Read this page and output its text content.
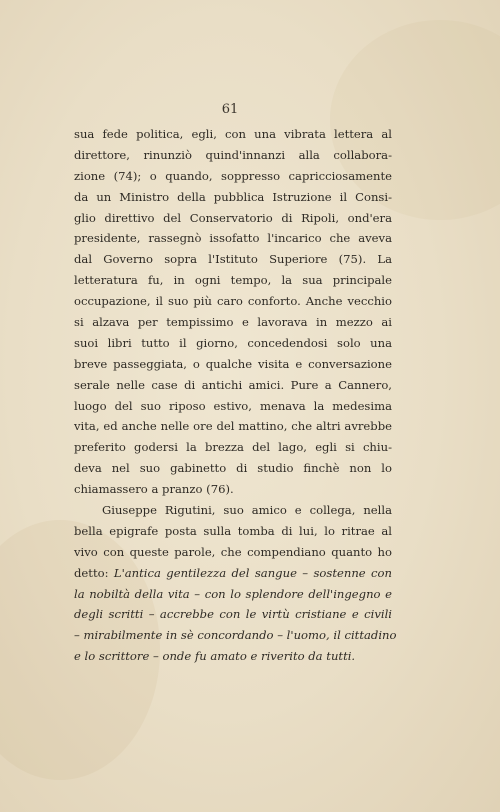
61
sua fede politica, egli, con una vibrata lettera al
direttore, rinunziò quind'innanzi alla collabora-
zione (74); o quando, soppresso capricciosamente
da un Ministro della pubblica Istruzione il Consi-
glio direttivo del Conservatorio di Ripoli, ond'era
presidente, rassegnò issofatto l'incarico che aveva
dal Governo sopra l'Istituto Superiore (75). La
letteratura fu, in ogni tempo, la sua principale
occupazione, il suo più caro conforto. Anche vecchio
si alzava per tempissimo e lavorava in mezzo ai
suoi libri tutto il giorno, concedendosi solo una
breve passeggiata, o qualche visita e conversazione
serale nelle case di antichi amici. Pure a Cannero,
luogo del suo riposo estivo, menava la medesima
vita, ed anche nelle ore del mattino, che altri avrebbe
preferito godersi la brezza del lago, egli si chiu-
deva nel suo gabinetto di studio finchè non lo
chiamassero a pranzo (76).
Giuseppe Rigutini, suo amico e collega, nella
bella epigrafe posta sulla tomba di lui, lo ritrae al
vivo con queste parole, che compendiano quanto ho
detto: L'antica gentilezza del sangue – sostenne con
la nobiltà della vita – con lo splendore dell'ingegno e
degli scritti – accrebbe con le virtù cristiane e civili
– mirabilmente in sè concordando – l'uomo, il cittadino
e lo scrittore – onde fu amato e riverito da tutti.
